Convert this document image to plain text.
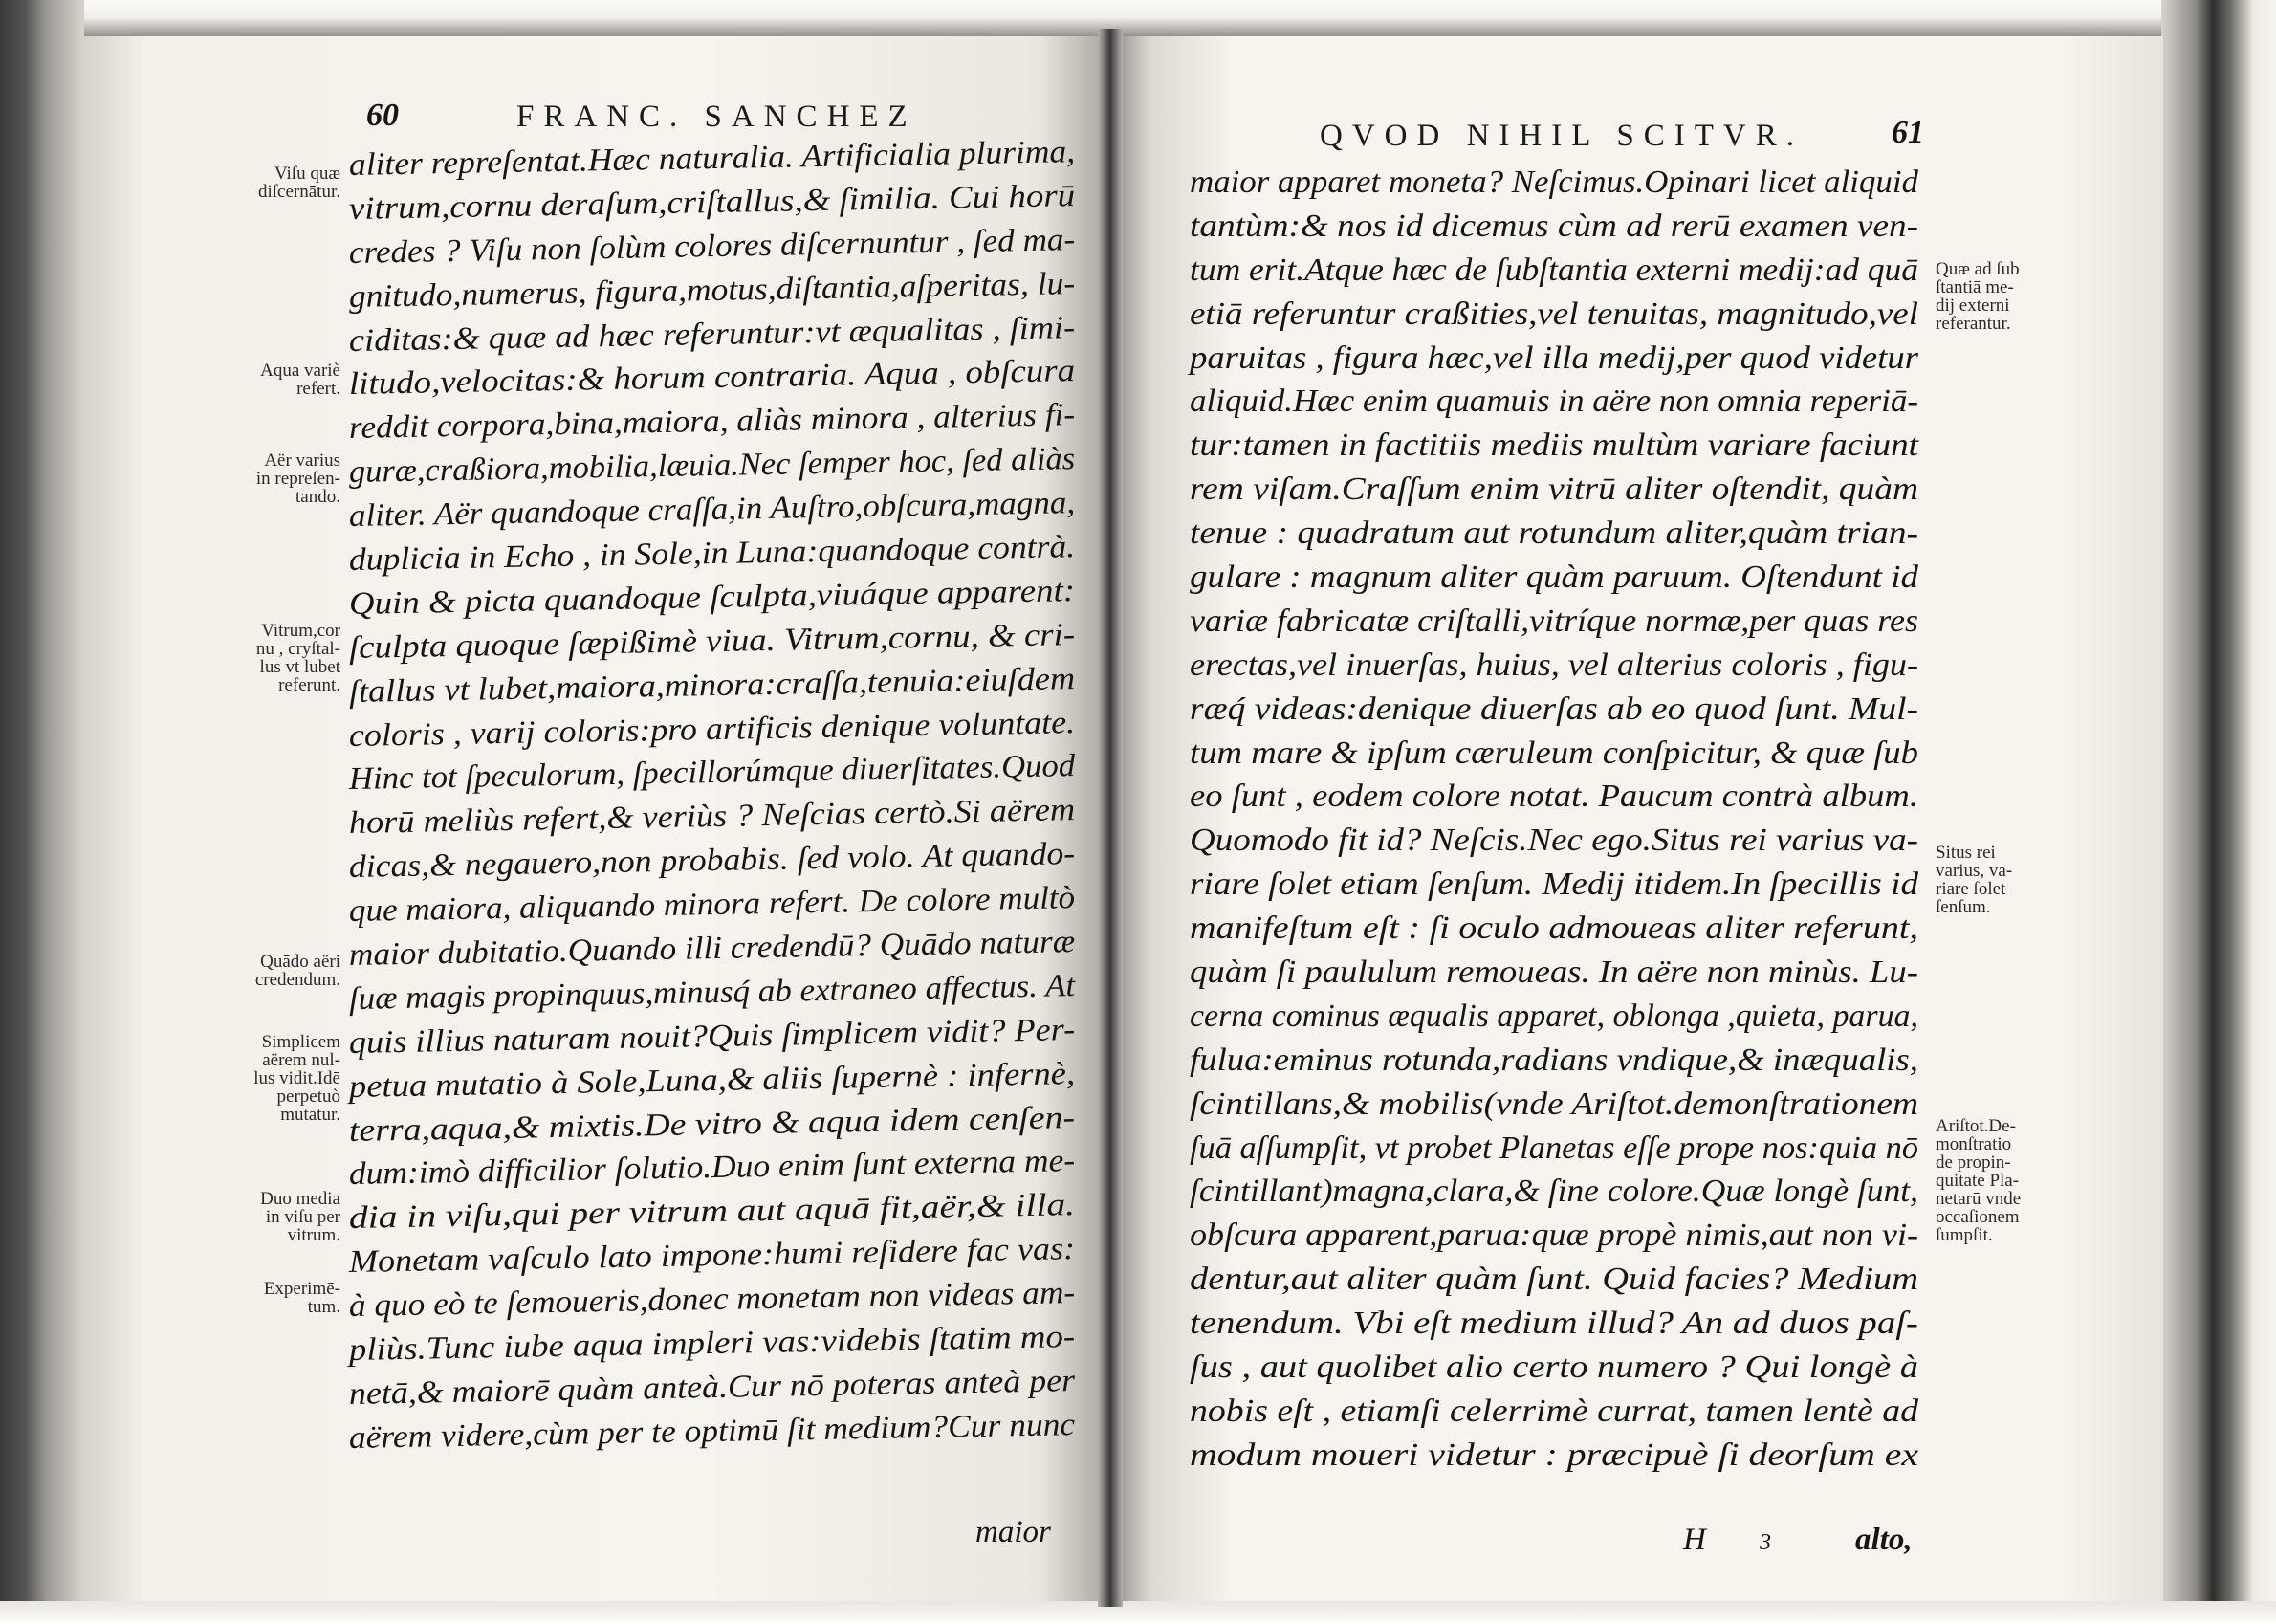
60	FRANC. SANCHEZ
QVOD NIHIL SCITVR.	61
aliter repreſentat.Hæc naturalia. Artificialia plurima,
vitrum,cornu deraſum,criſtallus,& ſimilia. Cui horū
credes ? Viſu non ſolùm colores diſcernuntur , ſed ma-
gnitudo,numerus, figura,motus,diſtantia,aſperitas, lu-
ciditas:& quæ ad hæc referuntur:vt æqualitas , ſimi-
litudo,velocitas:& horum contraria. Aqua , obſcura
reddit corpora,bina,maiora, aliàs minora , alterius fi-
guræ,craßiora,mobilia,læuia.Nec ſemper hoc, ſed aliàs
aliter. Aër quandoque craſſa,in Auſtro,obſcura,magna,
duplicia in Echo , in Sole,in Luna:quandoque contrà.
Quin & picta quandoque ſculpta,viuáque apparent:
ſculpta quoque ſæpißimè viua. Vitrum,cornu, & cri-
ſtallus vt lubet,maiora,minora:craſſa,tenuia:eiuſdem
coloris , varij coloris:pro artificis denique voluntate.
Hinc tot ſpeculorum, ſpecillorúmque diuerſitates.Quod
horū meliùs refert,& veriùs ? Neſcias certò.Si aërem
dicas,& negauero,non probabis. ſed volo. At quando-
que maiora, aliquando minora refert. De colore multò
maior dubitatio.Quando illi credendū? Quādo naturæ
ſuæ magis propinquus,minusq́ ab extraneo affectus. At
quis illius naturam nouit?Quis ſimplicem vidit? Per-
petua mutatio à Sole,Luna,& aliis ſupernè : infernè,
terra,aqua,& mixtis.De vitro & aqua idem cenſen-
dum:imò difficilior ſolutio.Duo enim ſunt externa me-
dia in viſu,qui per vitrum aut aquā fit,aër,& illa.
Monetam vaſculo lato impone:humi reſidere fac vas:
à quo eò te ſemoueris,donec monetam non videas am-
pliùs.Tunc iube aqua impleri vas:videbis ſtatim mo-
netā,& maiorē quàm anteà.Cur nō poteras anteà per
aërem videre,cùm per te optimū ſit medium?Cur nunc
maior
maior apparet moneta? Neſcimus.Opinari licet aliquid
tantùm:& nos id dicemus cùm ad rerū examen ven-
tum erit.Atque hæc de ſubſtantia externi medij:ad quā
etiā referuntur craßities,vel tenuitas, magnitudo,vel
paruitas , figura hæc,vel illa medij,per quod videtur
aliquid.Hæc enim quamuis in aëre non omnia reperiā-
tur:tamen in factitiis mediis multùm variare faciunt
rem viſam.Craſſum enim vitrū aliter oſtendit, quàm
tenue : quadratum aut rotundum aliter,quàm trian-
gulare : magnum aliter quàm paruum. Oſtendunt id
variæ fabricatæ criſtalli,vitríque normæ,per quas res
erectas,vel inuerſas, huius, vel alterius coloris , figu-
ræq́ videas:denique diuerſas ab eo quod ſunt. Mul-
tum mare & ipſum cæruleum conſpicitur, & quæ ſub
eo ſunt , eodem colore notat. Paucum contrà album.
Quomodo fit id? Neſcis.Nec ego.Situs rei varius va-
riare ſolet etiam ſenſum. Medij itidem.In ſpecillis id
manifeſtum eſt : ſi oculo admoueas aliter referunt,
quàm ſi paululum remoueas. In aëre non minùs. Lu-
cerna cominus æqualis apparet, oblonga ,quieta, parua,
fulua:eminus rotunda,radians vndique,& inæqualis,
ſcintillans,& mobilis(vnde Ariſtot.demonſtrationem
ſuā aſſumpſit, vt probet Planetas eſſe prope nos:quia nō
ſcintillant)magna,clara,& ſine colore.Quæ longè ſunt,
obſcura apparent,parua:quæ propè nimis,aut non vi-
dentur,aut aliter quàm ſunt. Quid facies? Medium
tenendum. Vbi eſt medium illud? An ad duos paſ-
ſus , aut quolibet alio certo numero ? Qui longè à
nobis eſt , etiamſi celerrimè currat, tamen lentè ad
modum moueri videtur : præcipuè ſi deorſum ex
H 3	alto,
Viſu quæ
diſcernātur.
Aqua variè
refert.
Aër varius
in repreſen-
tando.
Vitrum,cor
nu , cryſtal-
lus vt lubet
referunt.
Quādo aëri
credendum.
Simplicem
aërem nul-
lus vidit.Idē
perpetuò
mutatur.
Duo media
in viſu per
vitrum.
Experimē-
tum.
Quæ ad ſub
ſtantiā me-
dij externi
referantur.
Situs rei
varius, va-
riare ſolet
ſenſum.
Ariſtot.De-
monſtratio
de propin-
quitate Pla-
netarū vnde
occaſionem
ſumpſit.
